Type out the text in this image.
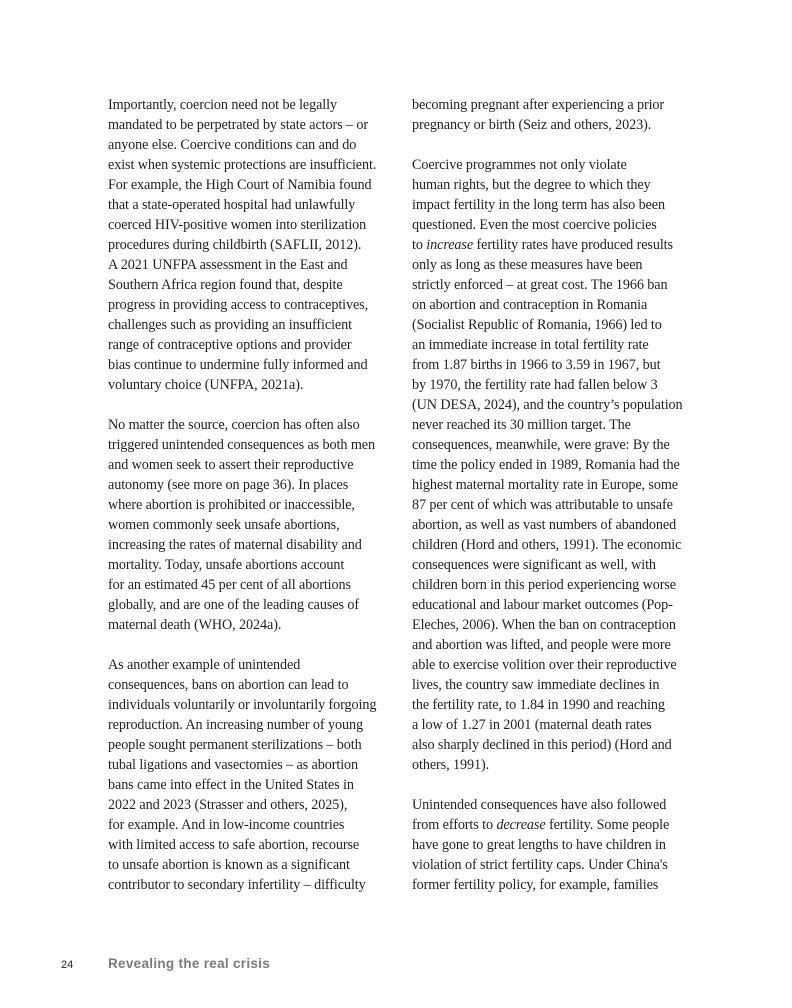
Importantly, coercion need not be legally
mandated to be perpetrated by state actors – or
anyone else. Coercive conditions can and do
exist when systemic protections are insufficient.
For example, the High Court of Namibia found
that a state-operated hospital had unlawfully
coerced HIV-positive women into sterilization
procedures during childbirth (SAFLII, 2012).
A 2021 UNFPA assessment in the East and
Southern Africa region found that, despite
progress in providing access to contraceptives,
challenges such as providing an insufficient
range of contraceptive options and provider
bias continue to undermine fully informed and
voluntary choice (UNFPA, 2021a).

No matter the source, coercion has often also
triggered unintended consequences as both men
and women seek to assert their reproductive
autonomy (see more on page 36). In places
where abortion is prohibited or inaccessible,
women commonly seek unsafe abortions,
increasing the rates of maternal disability and
mortality. Today, unsafe abortions account
for an estimated 45 per cent of all abortions
globally, and are one of the leading causes of
maternal death (WHO, 2024a).

As another example of unintended
consequences, bans on abortion can lead to
individuals voluntarily or involuntarily forgoing
reproduction. An increasing number of young
people sought permanent sterilizations – both
tubal ligations and vasectomies – as abortion
bans came into effect in the United States in
2022 and 2023 (Strasser and others, 2025),
for example. And in low-income countries
with limited access to safe abortion, recourse
to unsafe abortion is known as a significant
contributor to secondary infertility – difficulty

becoming pregnant after experiencing a prior
pregnancy or birth (Seiz and others, 2023).

Coercive programmes not only violate
human rights, but the degree to which they
impact fertility in the long term has also been
questioned. Even the most coercive policies
to increase fertility rates have produced results
only as long as these measures have been
strictly enforced – at great cost. The 1966 ban
on abortion and contraception in Romania
(Socialist Republic of Romania, 1966) led to
an immediate increase in total fertility rate
from 1.87 births in 1966 to 3.59 in 1967, but
by 1970, the fertility rate had fallen below 3
(UN DESA, 2024), and the country’s population
never reached its 30 million target. The
consequences, meanwhile, were grave: By the
time the policy ended in 1989, Romania had the
highest maternal mortality rate in Europe, some
87 per cent of which was attributable to unsafe
abortion, as well as vast numbers of abandoned
children (Hord and others, 1991). The economic
consequences were significant as well, with
children born in this period experiencing worse
educational and labour market outcomes (Pop-
Eleches, 2006). When the ban on contraception
and abortion was lifted, and people were more
able to exercise volition over their reproductive
lives, the country saw immediate declines in
the fertility rate, to 1.84 in 1990 and reaching
a low of 1.27 in 2001 (maternal death rates
also sharply declined in this period) (Hord and
others, 1991).

Unintended consequences have also followed
from efforts to decrease fertility. Some people
have gone to great lengths to have children in
violation of strict fertility caps. Under China's
former fertility policy, for example, families

24	Revealing the real crisis
